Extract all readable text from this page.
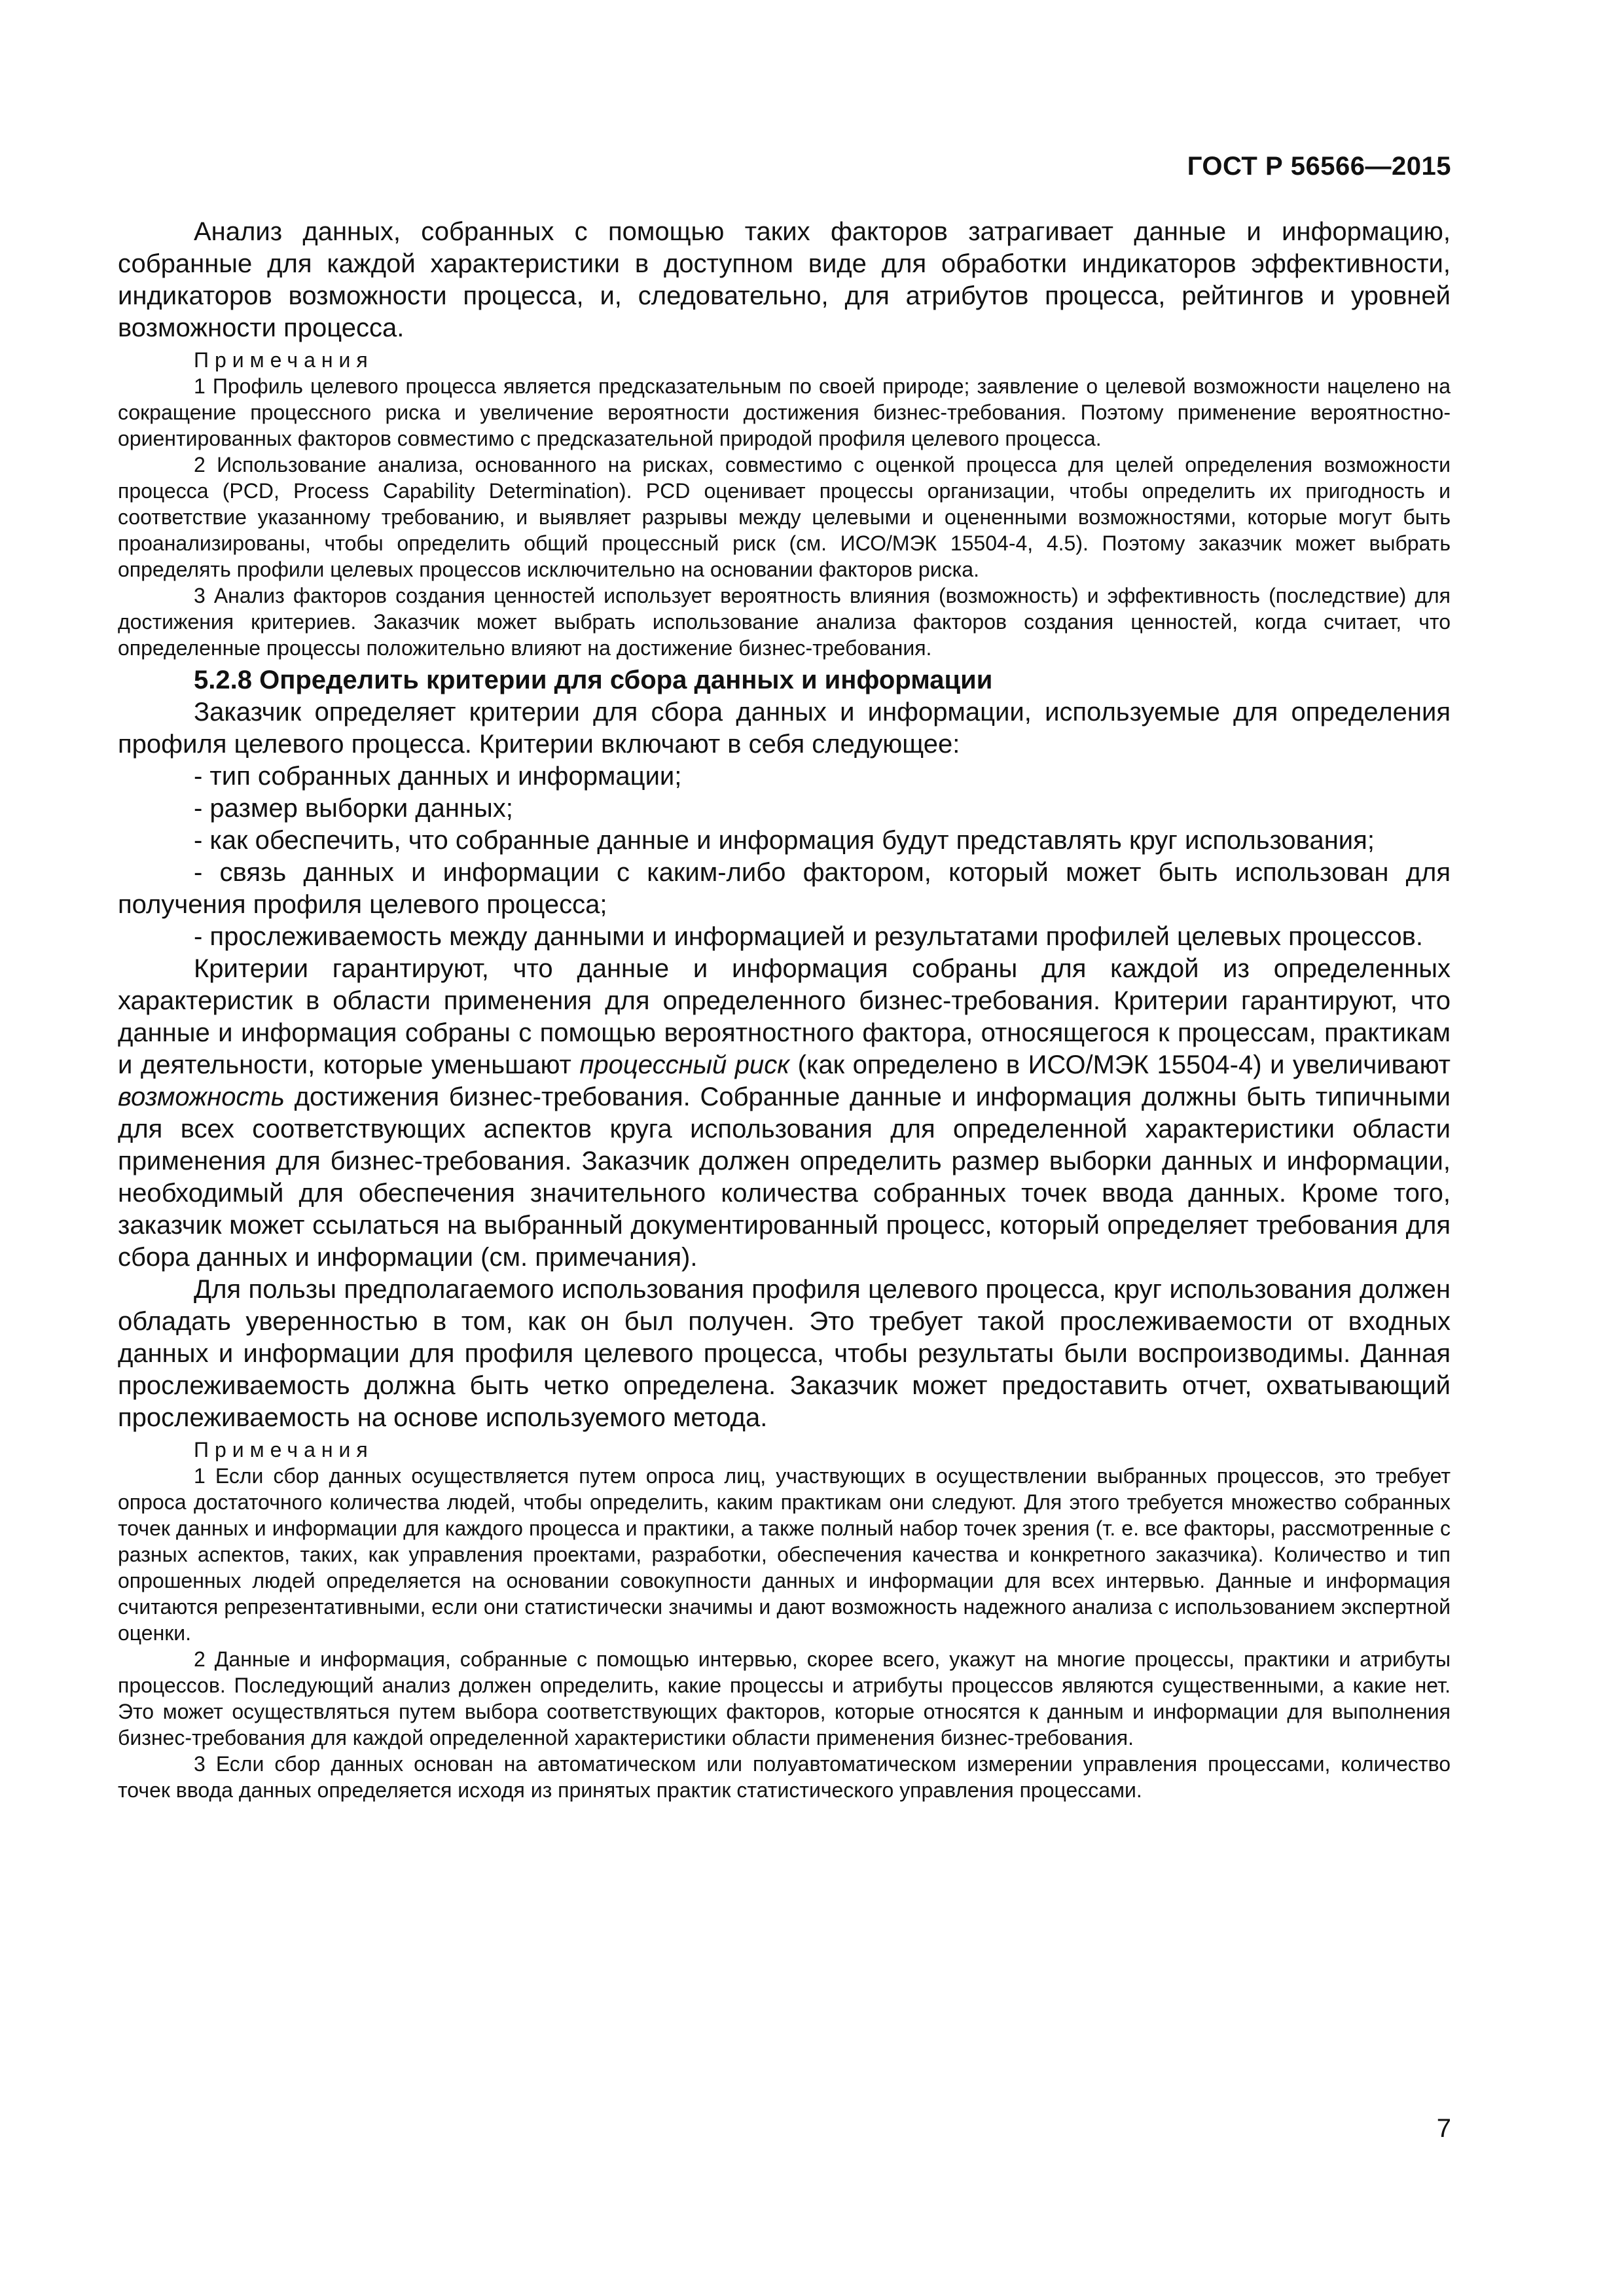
ГОСТ Р 56566—2015

Анализ данных, собранных с помощью таких факторов затрагивает данные и информацию, собранные для каждой характеристики в доступном виде для обработки индикаторов эффективности, индикаторов возможности процесса, и, следовательно, для атрибутов процесса, рейтингов и уровней возможности процесса.

Примечания

1 Профиль целевого процесса является предсказательным по своей природе; заявление о целевой возможности нацелено на сокращение процессного риска и увеличение вероятности достижения бизнес-требования. Поэтому применение вероятностно-ориентированных факторов совместимо с предсказательной природой профиля целевого процесса.

2 Использование анализа, основанного на рисках, совместимо с оценкой процесса для целей определения возможности процесса (PCD, Process Capability Determination). PCD оценивает процессы организации, чтобы определить их пригодность и соответствие указанному требованию, и выявляет разрывы между целевыми и оцененными возможностями, которые могут быть проанализированы, чтобы определить общий процессный риск (см. ИСО/МЭК 15504-4, 4.5). Поэтому заказчик может выбрать определять профили целевых процессов исключительно на основании факторов риска.

3 Анализ факторов создания ценностей использует вероятность влияния (возможность) и эффективность (последствие) для достижения критериев. Заказчик может выбрать использование анализа факторов создания ценностей, когда считает, что определенные процессы положительно влияют на достижение бизнес-требования.

5.2.8 Определить критерии для сбора данных и информации

Заказчик определяет критерии для сбора данных и информации, используемые для определения профиля целевого процесса. Критерии включают в себя следующее:

- тип собранных данных и информации;

- размер выборки данных;

- как обеспечить, что собранные данные и информация будут представлять круг использования;

- связь данных и информации с каким-либо фактором, который может быть использован для получения профиля целевого процесса;

- прослеживаемость между данными и информацией и результатами профилей целевых процессов.

Критерии гарантируют, что данные и информация собраны для каждой из определенных характеристик в области применения для определенного бизнес-требования. Критерии гарантируют, что данные и информация собраны с помощью вероятностного фактора, относящегося к процессам, практикам и деятельности, которые уменьшают процессный риск (как определено в ИСО/МЭК 15504-4) и увеличивают возможность достижения бизнес-требования. Собранные данные и информация должны быть типичными для всех соответствующих аспектов круга использования для определенной характеристики области применения для бизнес-требования. Заказчик должен определить размер выборки данных и информации, необходимый для обеспечения значительного количества собранных точек ввода данных. Кроме того, заказчик может ссылаться на выбранный документированный процесс, который определяет требования для сбора данных и информации (см. примечания).

Для пользы предполагаемого использования профиля целевого процесса, круг использования должен обладать уверенностью в том, как он был получен. Это требует такой прослеживаемости от входных данных и информации для профиля целевого процесса, чтобы результаты были воспроизводимы. Данная прослеживаемость должна быть четко определена. Заказчик может предоставить отчет, охватывающий прослеживаемость на основе используемого метода.

Примечания

1 Если сбор данных осуществляется путем опроса лиц, участвующих в осуществлении выбранных процессов, это требует опроса достаточного количества людей, чтобы определить, каким практикам они следуют. Для этого требуется множество собранных точек данных и информации для каждого процесса и практики, а также полный набор точек зрения (т. е. все факторы, рассмотренные с разных аспектов, таких, как управления проектами, разработки, обеспечения качества и конкретного заказчика). Количество и тип опрошенных людей определяется на основании совокупности данных и информации для всех интервью. Данные и информация считаются репрезентативными, если они статистически значимы и дают возможность надежного анализа с использованием экспертной оценки.

2 Данные и информация, собранные с помощью интервью, скорее всего, укажут на многие процессы, практики и атрибуты процессов. Последующий анализ должен определить, какие процессы и атрибуты процессов являются существенными, а какие нет. Это может осуществляться путем выбора соответствующих факторов, которые относятся к данным и информации для выполнения бизнес-требования для каждой определенной характеристики области применения бизнес-требования.

3 Если сбор данных основан на автоматическом или полуавтоматическом измерении управления процессами, количество точек ввода данных определяется исходя из принятых практик статистического управления процессами.

7
